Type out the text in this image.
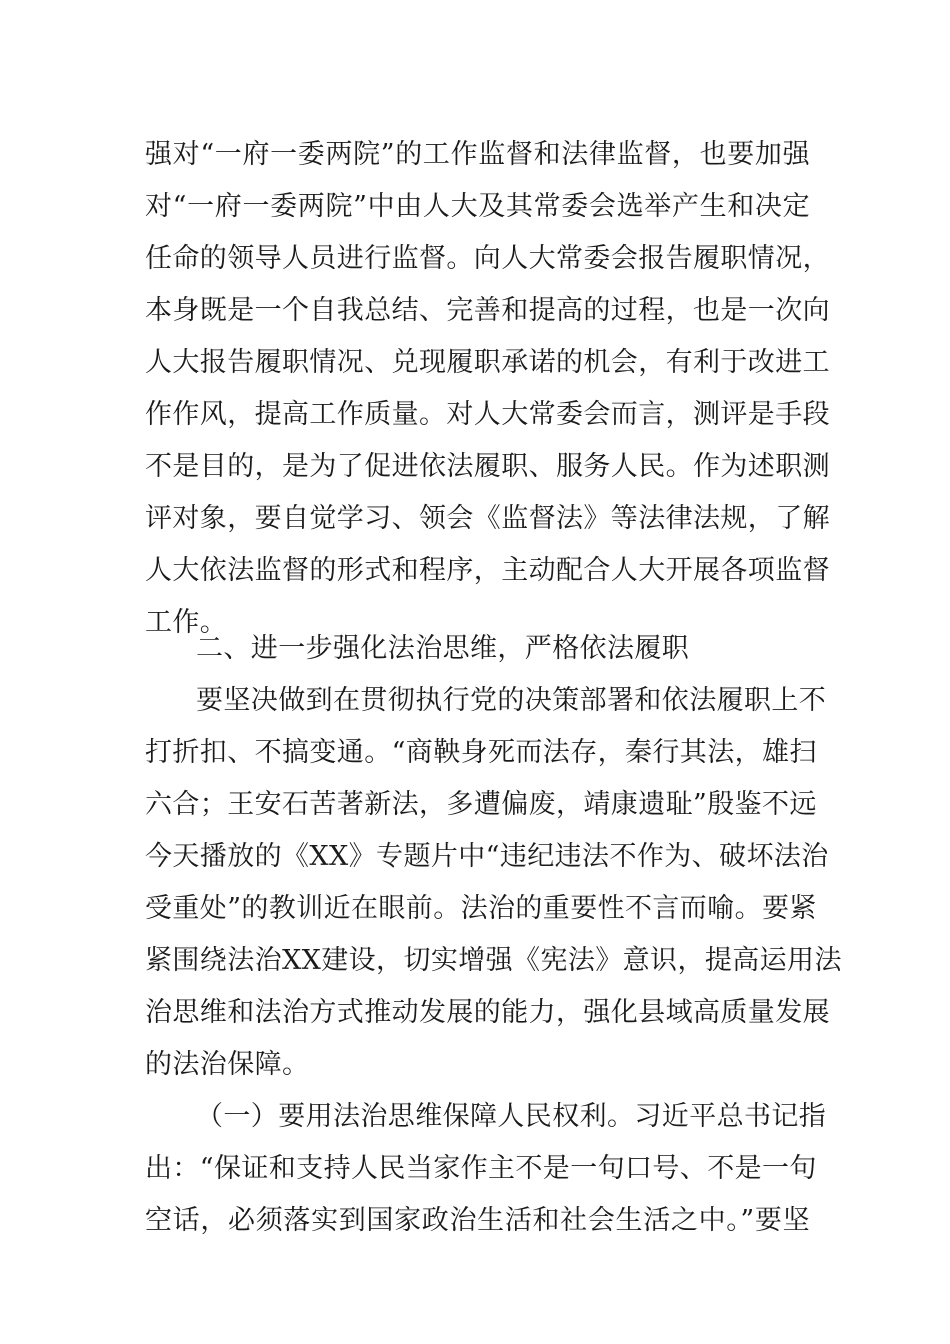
强对“一府一委两院”的工作监督和法律监督，也要加强
对“一府一委两院”中由人大及其常委会选举产生和决定
任命的领导人员进行监督。向人大常委会报告履职情况，
本身既是一个自我总结、完善和提高的过程，也是一次向
人大报告履职情况、兑现履职承诺的机会，有利于改进工
作作风，提高工作质量。对人大常委会而言，测评是手段
不是目的，是为了促进依法履职、服务人民。作为述职测
评对象，要自觉学习、领会《监督法》等法律法规，了解
人大依法监督的形式和程序，主动配合人大开展各项监督
工作。
二、进一步强化法治思维，严格依法履职
要坚决做到在贯彻执行党的决策部署和依法履职上不
打折扣、不搞变通。“商鞅身死而法存，秦行其法，雄扫
六合；王安石苦著新法，多遭偏废，靖康遗耻”殷鉴不远
今天播放的《XX》专题片中“违纪违法不作为、破坏法治
受重处”的教训近在眼前。法治的重要性不言而喻。要紧
紧围绕法治XX建设，切实增强《宪法》意识，提高运用法
治思维和法治方式推动发展的能力，强化县域高质量发展
的法治保障。
（一）要用法治思维保障人民权利。习近平总书记指
出：“保证和支持人民当家作主不是一句口号、不是一句
空话，必须落实到国家政治生活和社会生活之中。”要坚
